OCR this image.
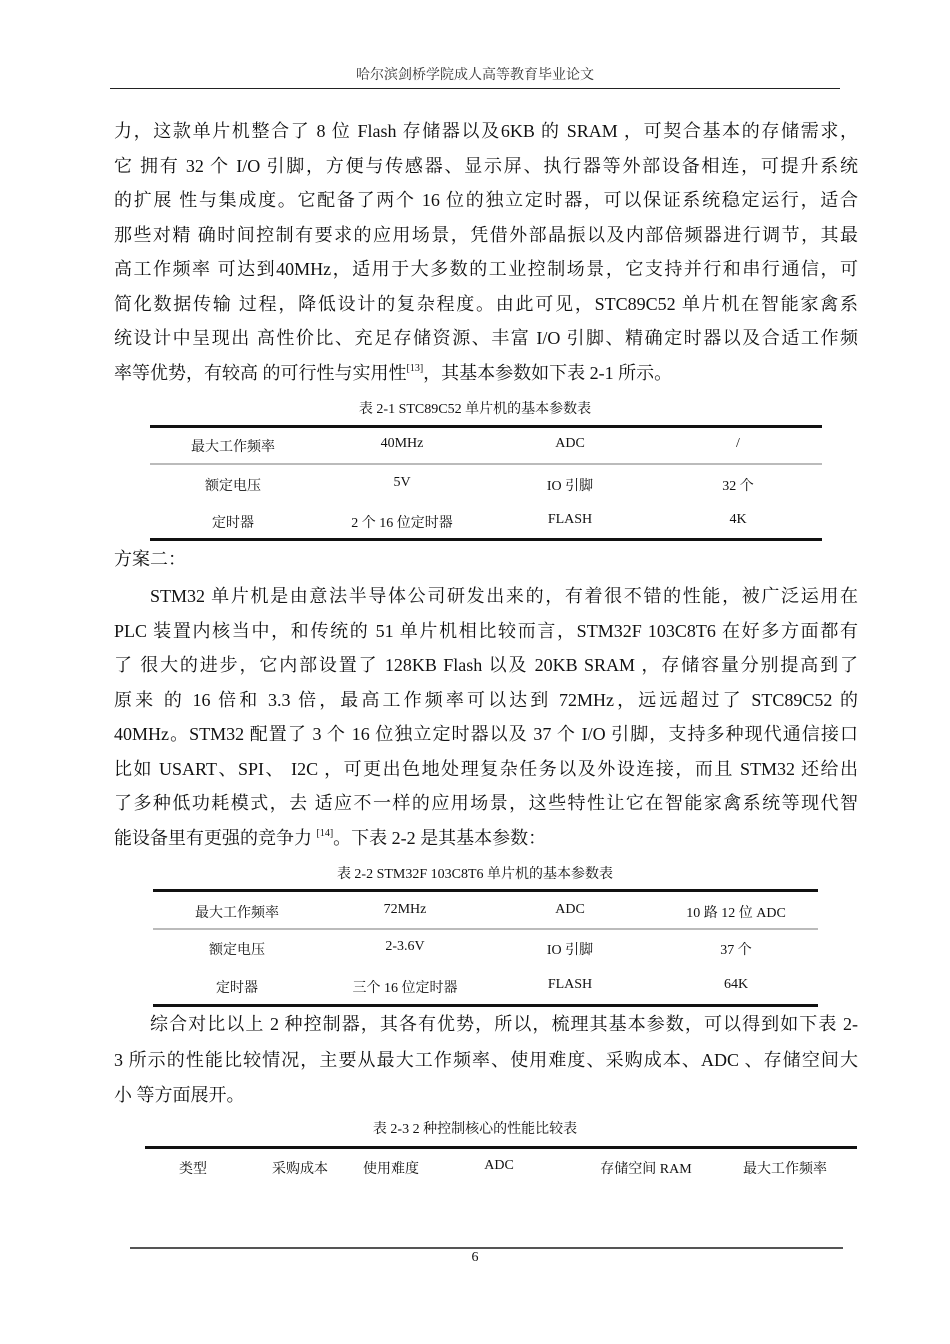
哈尔滨剑桥学院成人高等教育毕业论文
力，这款单片机整合了 8 位 Flash 存储器以及6KB 的 SRAM ，可契合基本的存储需求，
它 拥有 32 个 I/O 引脚，方便与传感器、显示屏、执行器等外部设备相连，可提升系统
的扩展 性与集成度。它配备了两个 16 位的独立定时器，可以保证系统稳定运行，适合
那些对精 确时间控制有要求的应用场景，凭借外部晶振以及内部倍频器进行调节，其最
高工作频率 可达到40MHz，适用于大多数的工业控制场景，它支持并行和串行通信，可
简化数据传输 过程，降低设计的复杂程度。由此可见，STC89C52 单片机在智能家禽系
统设计中呈现出 高性价比、充足存储资源、丰富 I/O 引脚、精确定时器以及合适工作频
率等优势，有较高 的可行性与实用性[13]，其基本参数如下表 2-1 所示。
表 2-1 STC89C52 单片机的基本参数表
最大工作频率	40MHz	ADC	/
额定电压	5V	IO 引脚	32 个
定时器	2 个 16 位定时器	FLASH	4K
方案二：
STM32 单片机是由意法半导体公司研发出来的，有着很不错的性能，被广泛运用在
PLC 装置内核当中，和传统的 51 单片机相比较而言，STM32F 103C8T6 在好多方面都有
了 很大的进步，它内部设置了 128KB Flash 以及 20KB SRAM ，存储容量分别提高到了
原来 的 16 倍和 3.3 倍，最高工作频率可以达到 72MHz，远远超过了 STC89C52 的
40MHz。STM32 配置了 3 个 16 位独立定时器以及 37 个 I/O 引脚，支持多种现代通信接口
比如 USART、SPI、 I2C ，可更出色地处理复杂任务以及外设连接，而且 STM32 还给出
了多种低功耗模式，去 适应不一样的应用场景，这些特性让它在智能家禽系统等现代智
能设备里有更强的竞争力 [14]。下表 2-2 是其基本参数：
表 2-2 STM32F 103C8T6 单片机的基本参数表
最大工作频率	72MHz	ADC	10 路 12 位 ADC
额定电压	2-3.6V	IO 引脚	37 个
定时器	三个 16 位定时器	FLASH	64K
综合对比以上 2 种控制器，其各有优势，所以，梳理其基本参数，可以得到如下表 2-
3 所示的性能比较情况，主要从最大工作频率、使用难度、采购成本、ADC 、存储空间大
小 等方面展开。
表 2-3 2 种控制核心的性能比较表
类型	采购成本	使用难度	ADC	存储空间 RAM	最大工作频率
6
